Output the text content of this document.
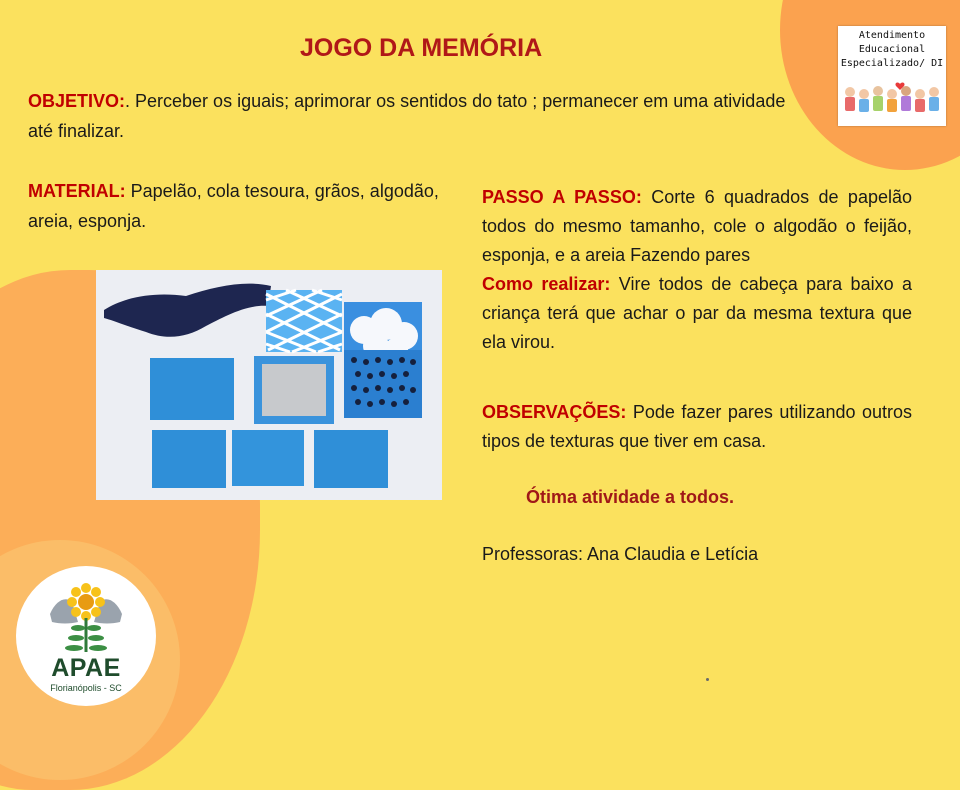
JOGO DA MEMÓRIA
OBJETIVO:. Perceber os iguais; aprimorar os sentidos do tato ; permanecer em uma atividade até finalizar.
MATERIAL: Papelão, cola tesoura, grãos, algodão, areia, esponja.
PASSO A PASSO: Corte 6 quadrados de papelão todos do mesmo tamanho, cole o algodão o feijão, esponja, e a areia Fazendo pares
Como realizar: Vire todos de cabeça para baixo a criança terá que achar o par da mesma textura que ela virou.
OBSERVAÇÕES: Pode fazer pares utilizando outros tipos de texturas que tiver em casa.
Ótima atividade a todos.
Professoras: Ana Claudia e Letícia
Atendimento
Educacional
Especializado/ DI
APAE
Florianópolis - SC
